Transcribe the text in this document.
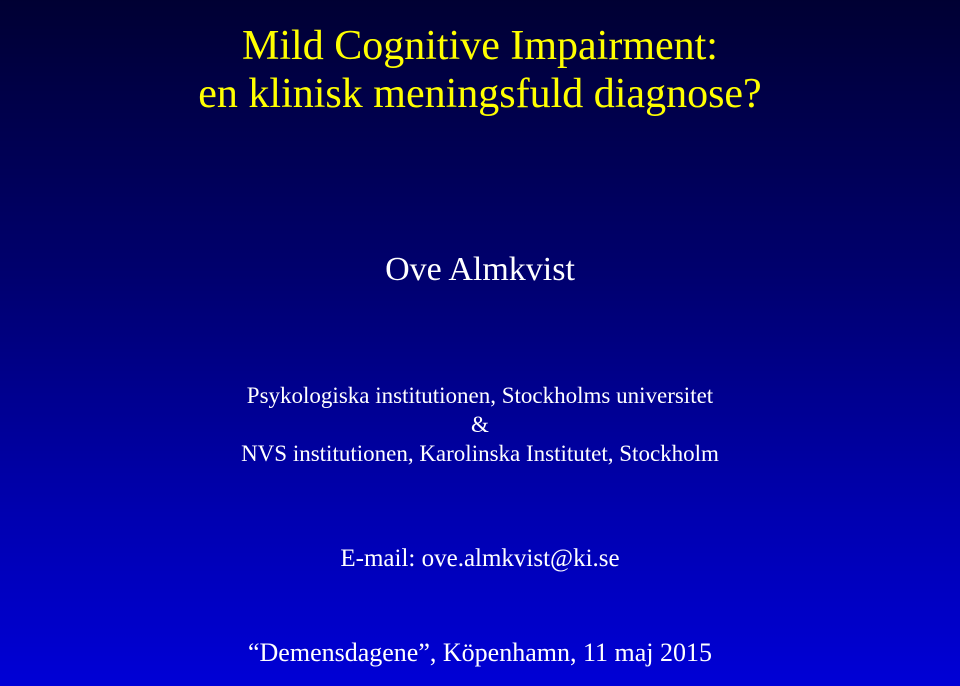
Mild Cognitive Impairment:
en klinisk meningsfuld diagnose?
Ove Almkvist
Psykologiska institutionen, Stockholms universitet
&
NVS institutionen, Karolinska Institutet, Stockholm
E-mail: ove.almkvist@ki.se
“Demensdagene”, Köpenhamn, 11 maj 2015
